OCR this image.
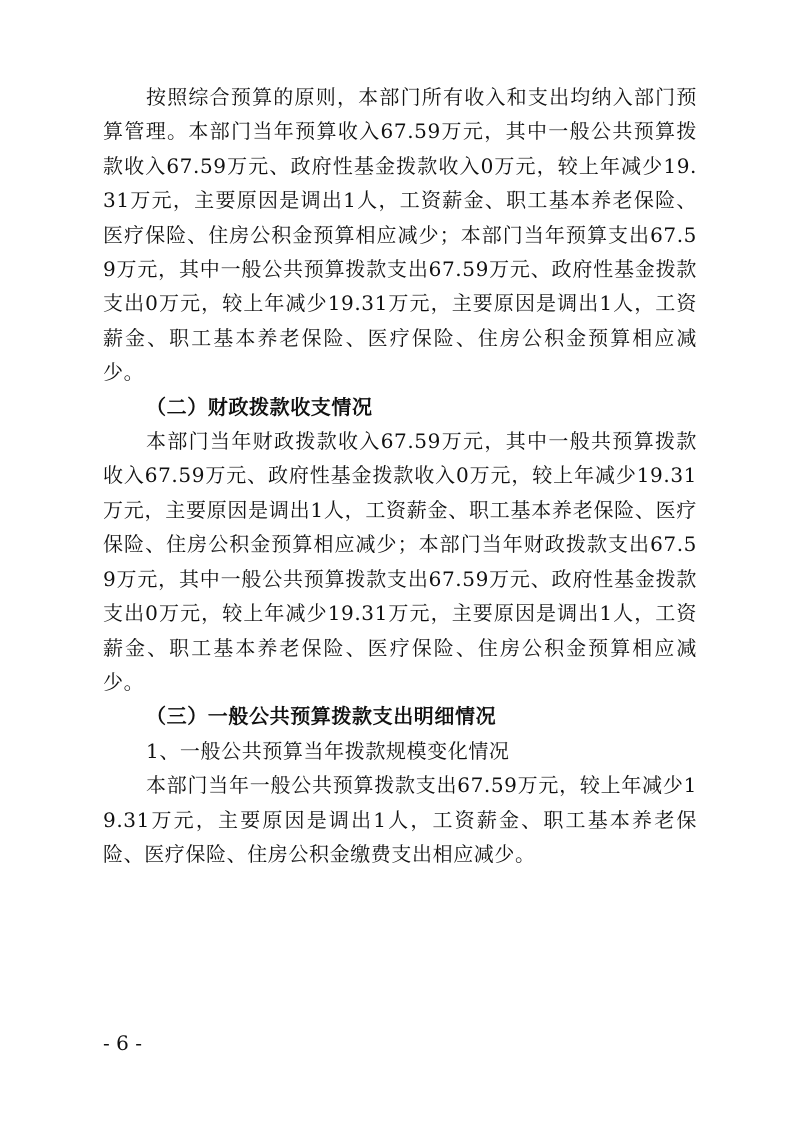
按照综合预算的原则，本部门所有收入和支出均纳入部门预算管理。本部门当年预算收入67.59万元，其中一般公共预算拨款收入67.59万元、政府性基金拨款收入0万元，较上年减少19.31万元，主要原因是调出1人，工资薪金、职工基本养老保险、医疗保险、住房公积金预算相应减少；本部门当年预算支出67.59万元，其中一般公共预算拨款支出67.59万元、政府性基金拨款支出0万元，较上年减少19.31万元，主要原因是调出1人，工资薪金、职工基本养老保险、医疗保险、住房公积金预算相应减少。

（二）财政拨款收支情况

本部门当年财政拨款收入67.59万元，其中一般共预算拨款收入67.59万元、政府性基金拨款收入0万元，较上年减少19.31万元，主要原因是调出1人，工资薪金、职工基本养老保险、医疗保险、住房公积金预算相应减少；本部门当年财政拨款支出67.59万元，其中一般公共预算拨款支出67.59万元、政府性基金拨款支出0万元，较上年减少19.31万元，主要原因是调出1人，工资薪金、职工基本养老保险、医疗保险、住房公积金预算相应减少。

（三）一般公共预算拨款支出明细情况

1、一般公共预算当年拨款规模变化情况

本部门当年一般公共预算拨款支出67.59万元，较上年减少19.31万元，主要原因是调出1人，工资薪金、职工基本养老保险、医疗保险、住房公积金缴费支出相应减少。

- 6 -
